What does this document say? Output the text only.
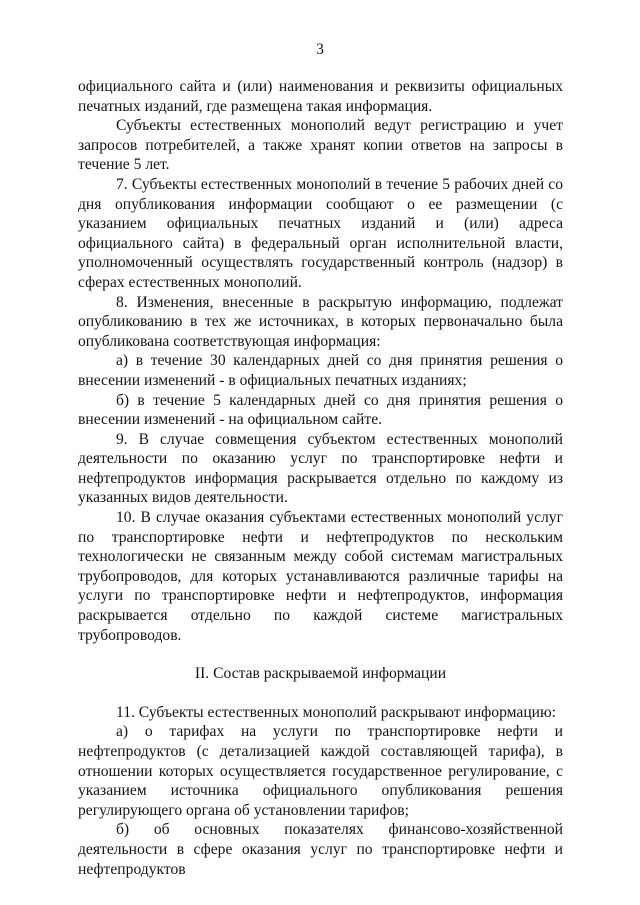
3

официального сайта и (или) наименования и реквизиты официальных печатных изданий, где размещена такая информация.

Субъекты естественных монополий ведут регистрацию и учет запросов потребителей, а также хранят копии ответов на запросы в течение 5 лет.

7. Субъекты естественных монополий в течение 5 рабочих дней со дня опубликования информации сообщают о ее размещении (с указанием официальных печатных изданий и (или) адреса официального сайта) в федеральный орган исполнительной власти, уполномоченный осуществлять государственный контроль (надзор) в сферах естественных монополий.

8. Изменения, внесенные в раскрытую информацию, подлежат опубликованию в тех же источниках, в которых первоначально была опубликована соответствующая информация:

а) в течение 30 календарных дней со дня принятия решения о внесении изменений - в официальных печатных изданиях;

б) в течение 5 календарных дней со дня принятия решения о внесении изменений - на официальном сайте.

9. В случае совмещения субъектом естественных монополий деятельности по оказанию услуг по транспортировке нефти и нефтепродуктов информация раскрывается отдельно по каждому из указанных видов деятельности.

10. В случае оказания субъектами естественных монополий услуг по транспортировке нефти и нефтепродуктов по нескольким технологически не связанным между собой системам магистральных трубопроводов, для которых устанавливаются различные тарифы на услуги по транспортировке нефти и нефтепродуктов, информация раскрывается отдельно по каждой системе магистральных трубопроводов.

II. Состав раскрываемой информации

11. Субъекты естественных монополий раскрывают информацию:

а) о тарифах на услуги по транспортировке нефти и нефтепродуктов (с детализацией каждой составляющей тарифа), в отношении которых осуществляется государственное регулирование, с указанием источника официального опубликования решения регулирующего органа об установлении тарифов;

б) об основных показателях финансово-хозяйственной деятельности в сфере оказания услуг по транспортировке нефти и нефтепродуктов
